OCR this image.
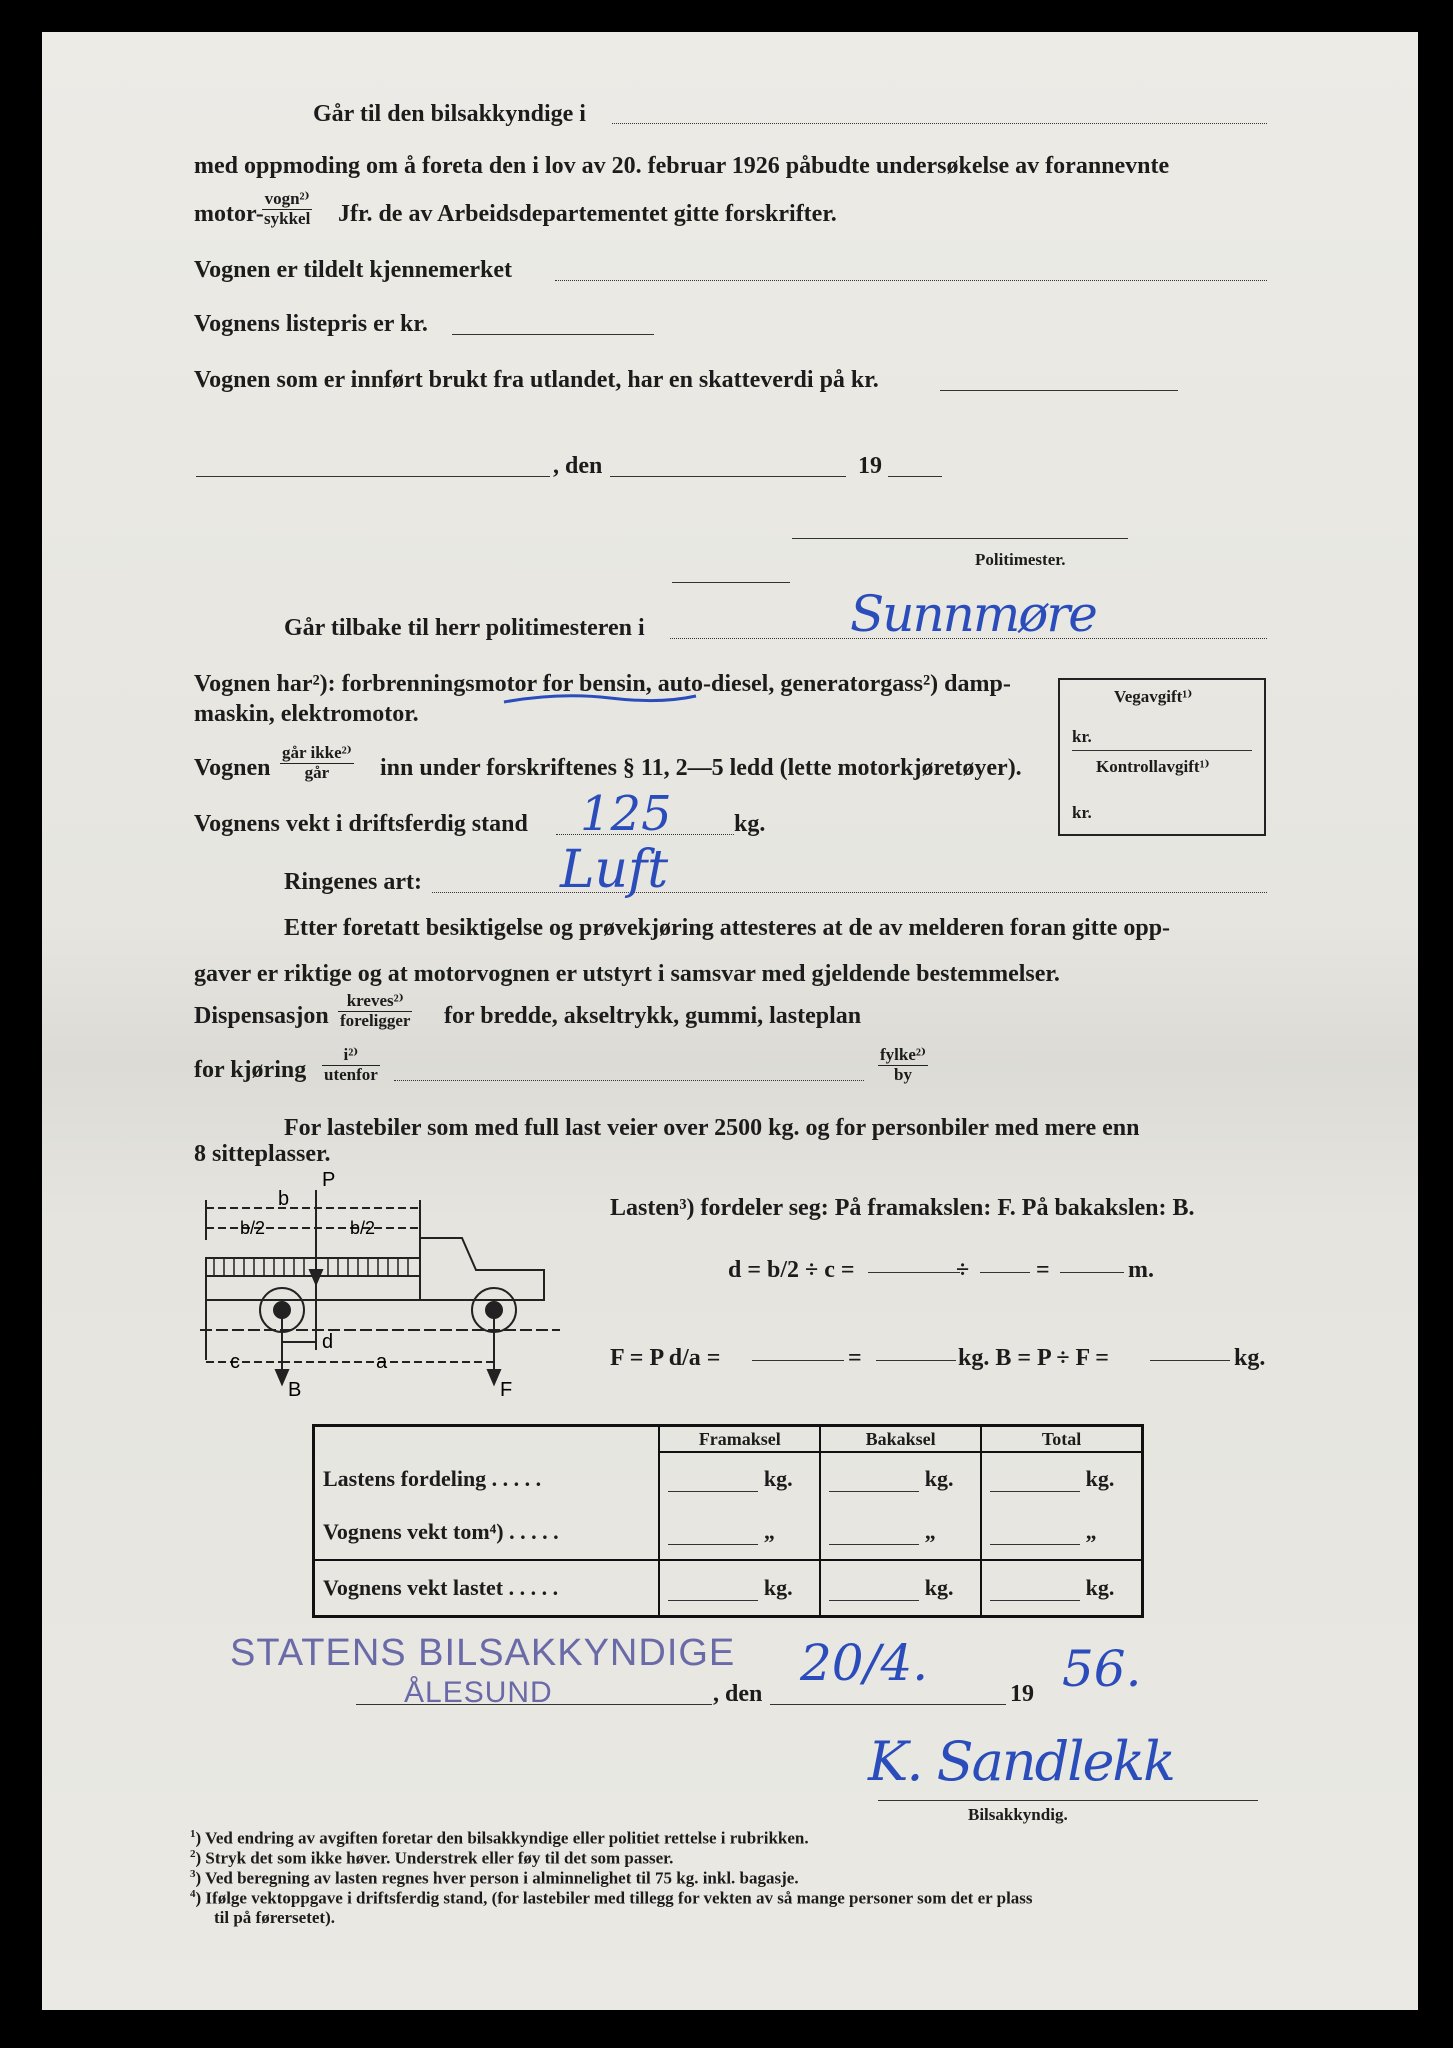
Går til den bilsakkyndige i
med oppmoding om å foreta den i lov av 20. februar 1926 påbudte undersøkelse av forannevnte
motor-
vogn²⁾
sykkel Jfr. de av Arbeidsdepartementet gitte forskrifter.
Vognen er tildelt kjennemerket
Vognens listepris er kr.
Vognen som er innført brukt fra utlandet, har en skatteverdi på kr.
, den	19
Politimester.
Går tilbake til herr politimesteren i	Sunnmøre
Vognen har²): forbrenningsmotor for bensin, auto-diesel, generatorgass²) damp-
maskin, elektromotor.
Vognen
går ikke²⁾
går	inn under forskriftenes § 11, 2—5 ledd (lette motorkjøretøyer).
Vognens vekt i driftsferdig stand 125	kg.
Ringenes art:	Luft
Vegavgift¹⁾
kr.
Kontrollavgift¹⁾
kr.
Etter foretatt besiktigelse og prøvekjøring attesteres at de av melderen foran gitte opp-
gaver er riktige og at motorvognen er utstyrt i samsvar med gjeldende bestemmelser.
Dispensasjon
kreves²⁾
foreligger for bredde, akseltrykk, gummi, lasteplan
for kjøring
i²⁾
utenfor
fylke²⁾
by
For lastebiler som med full last veier over 2500 kg. og for personbiler med mere enn
8 sitteplasser.
P
b
b/2	b/2
c
d
a
B	F
Lasten³) fordeler seg: På framakslen: F. På bakakslen: B.
d = b/2 ÷ c =	÷	=	m.
F = P d/a =	=	kg. B = P ÷ F =	kg.
	Framaksel	Bakaksel	Total
Lastens fordeling . . . . .	kg.	kg.	kg.
Vognens vekt tom⁴) . . . . .	„	„	„
Vognens vekt lastet . . . . .	kg.	kg.	kg.
STATENS BILSAKKYNDIGE
ÅLESUND	, den
20/4.
19 56.
K. Sandlekk
Bilsakkyndig.
$^1$) Ved endring av avgiften foretar den bilsakkyndige eller politiet rettelse i rubrikken.
$^2$) Stryk det som ikke høver. Understrek eller føy til det som passer.
$^3$) Ved beregning av lasten regnes hver person i alminnelighet til 75 kg. inkl. bagasje.
$^4$) Ifølge vektoppgave i driftsferdig stand, (for lastebiler med tillegg for vekten av så mange personer som det er plass
til på førersetet).
